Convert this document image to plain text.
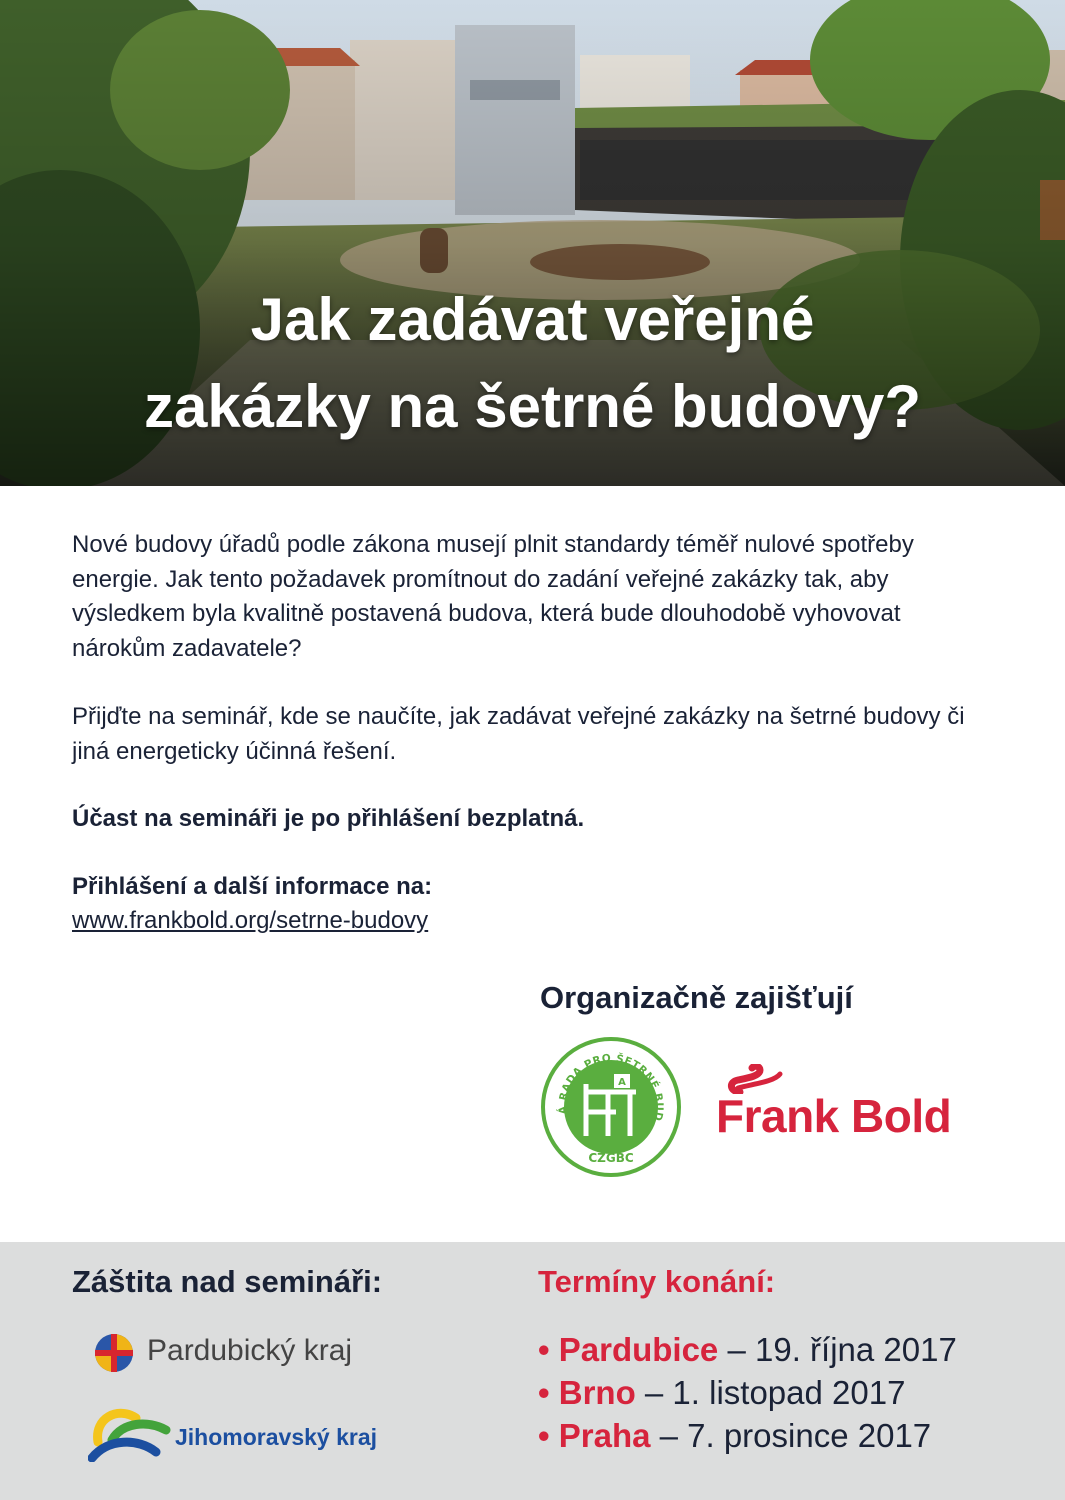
Jak zadávat veřejné
zakázky na šetrné budovy?

Nové budovy úřadů podle zákona musejí plnit standardy téměř nulové spotřeby energie. Jak tento požadavek promítnout do zadání veřejné zakázky tak, aby výsledkem byla kvalitně postavená budova, která bude dlouhodobě vyhovovat nárokům zadavatele?

Přijďte na seminář, kde se naučíte, jak zadávat veřejné zakázky na šetrné budovy či jiná energeticky účinná řešení.

Účast na semináři je po přihlášení bezplatná.

Přihlášení a další informace na:

www.frankbold.org/setrne-budovy
Organizačně zajišťují
Á RADA PRO ŠETRNÉ BUD
A
CZGBC

Frank Bold

Záštita nad semináři:

Pardubický kraj

Jihomoravský kraj

Termíny konání:
• Pardubice – 19. října 2017
• Brno – 1. listopad 2017
• Praha – 7. prosince 2017
